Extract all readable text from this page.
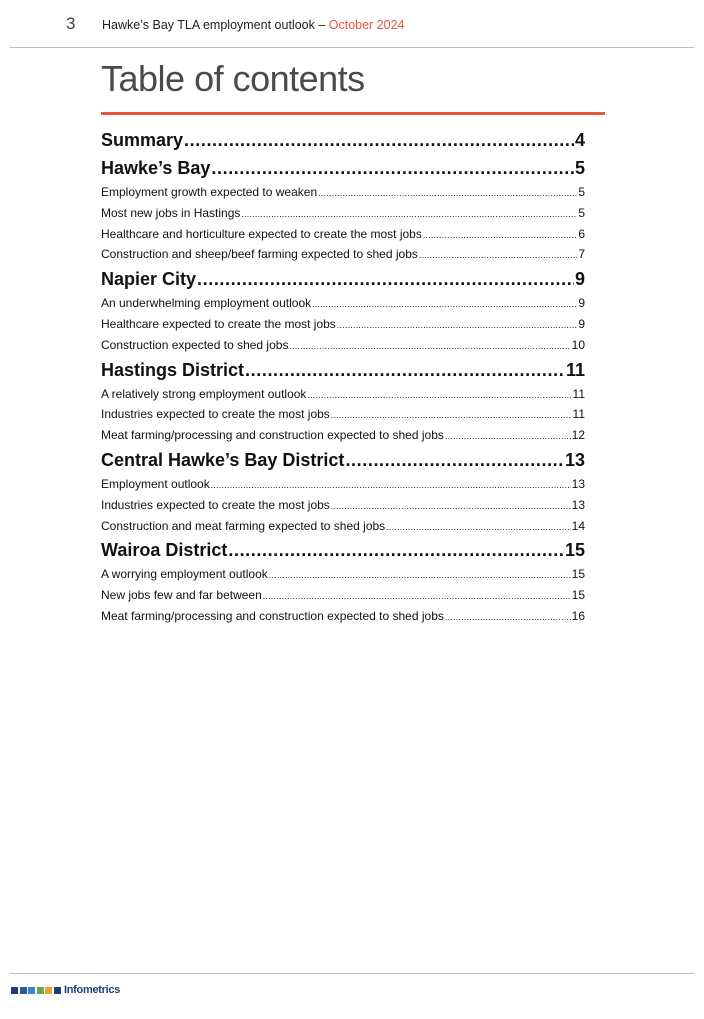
3 Hawke’s Bay TLA employment outlook – October 2024
Table of contents
Summary .....	4
Hawke’s Bay .....	5
Employment growth expected to weaken .....	5
Most new jobs in Hastings .....	5
Healthcare and horticulture expected to create the most jobs .....	6
Construction and sheep/beef farming expected to shed jobs .....	7
Napier City .....	9
An underwhelming employment outlook .....	9
Healthcare expected to create the most jobs .....	9
Construction expected to shed jobs .....	10
Hastings District .....	11
A relatively strong employment outlook .....	11
Industries expected to create the most jobs .....	11
Meat farming/processing and construction expected to shed jobs .....	12
Central Hawke’s Bay District .....	13
Employment outlook .....	13
Industries expected to create the most jobs .....	13
Construction and meat farming expected to shed jobs .....	14
Wairoa District .....	15
A worrying employment outlook .....	15
New jobs few and far between .....	15
Meat farming/processing and construction expected to shed jobs .....	16
Infometrics
